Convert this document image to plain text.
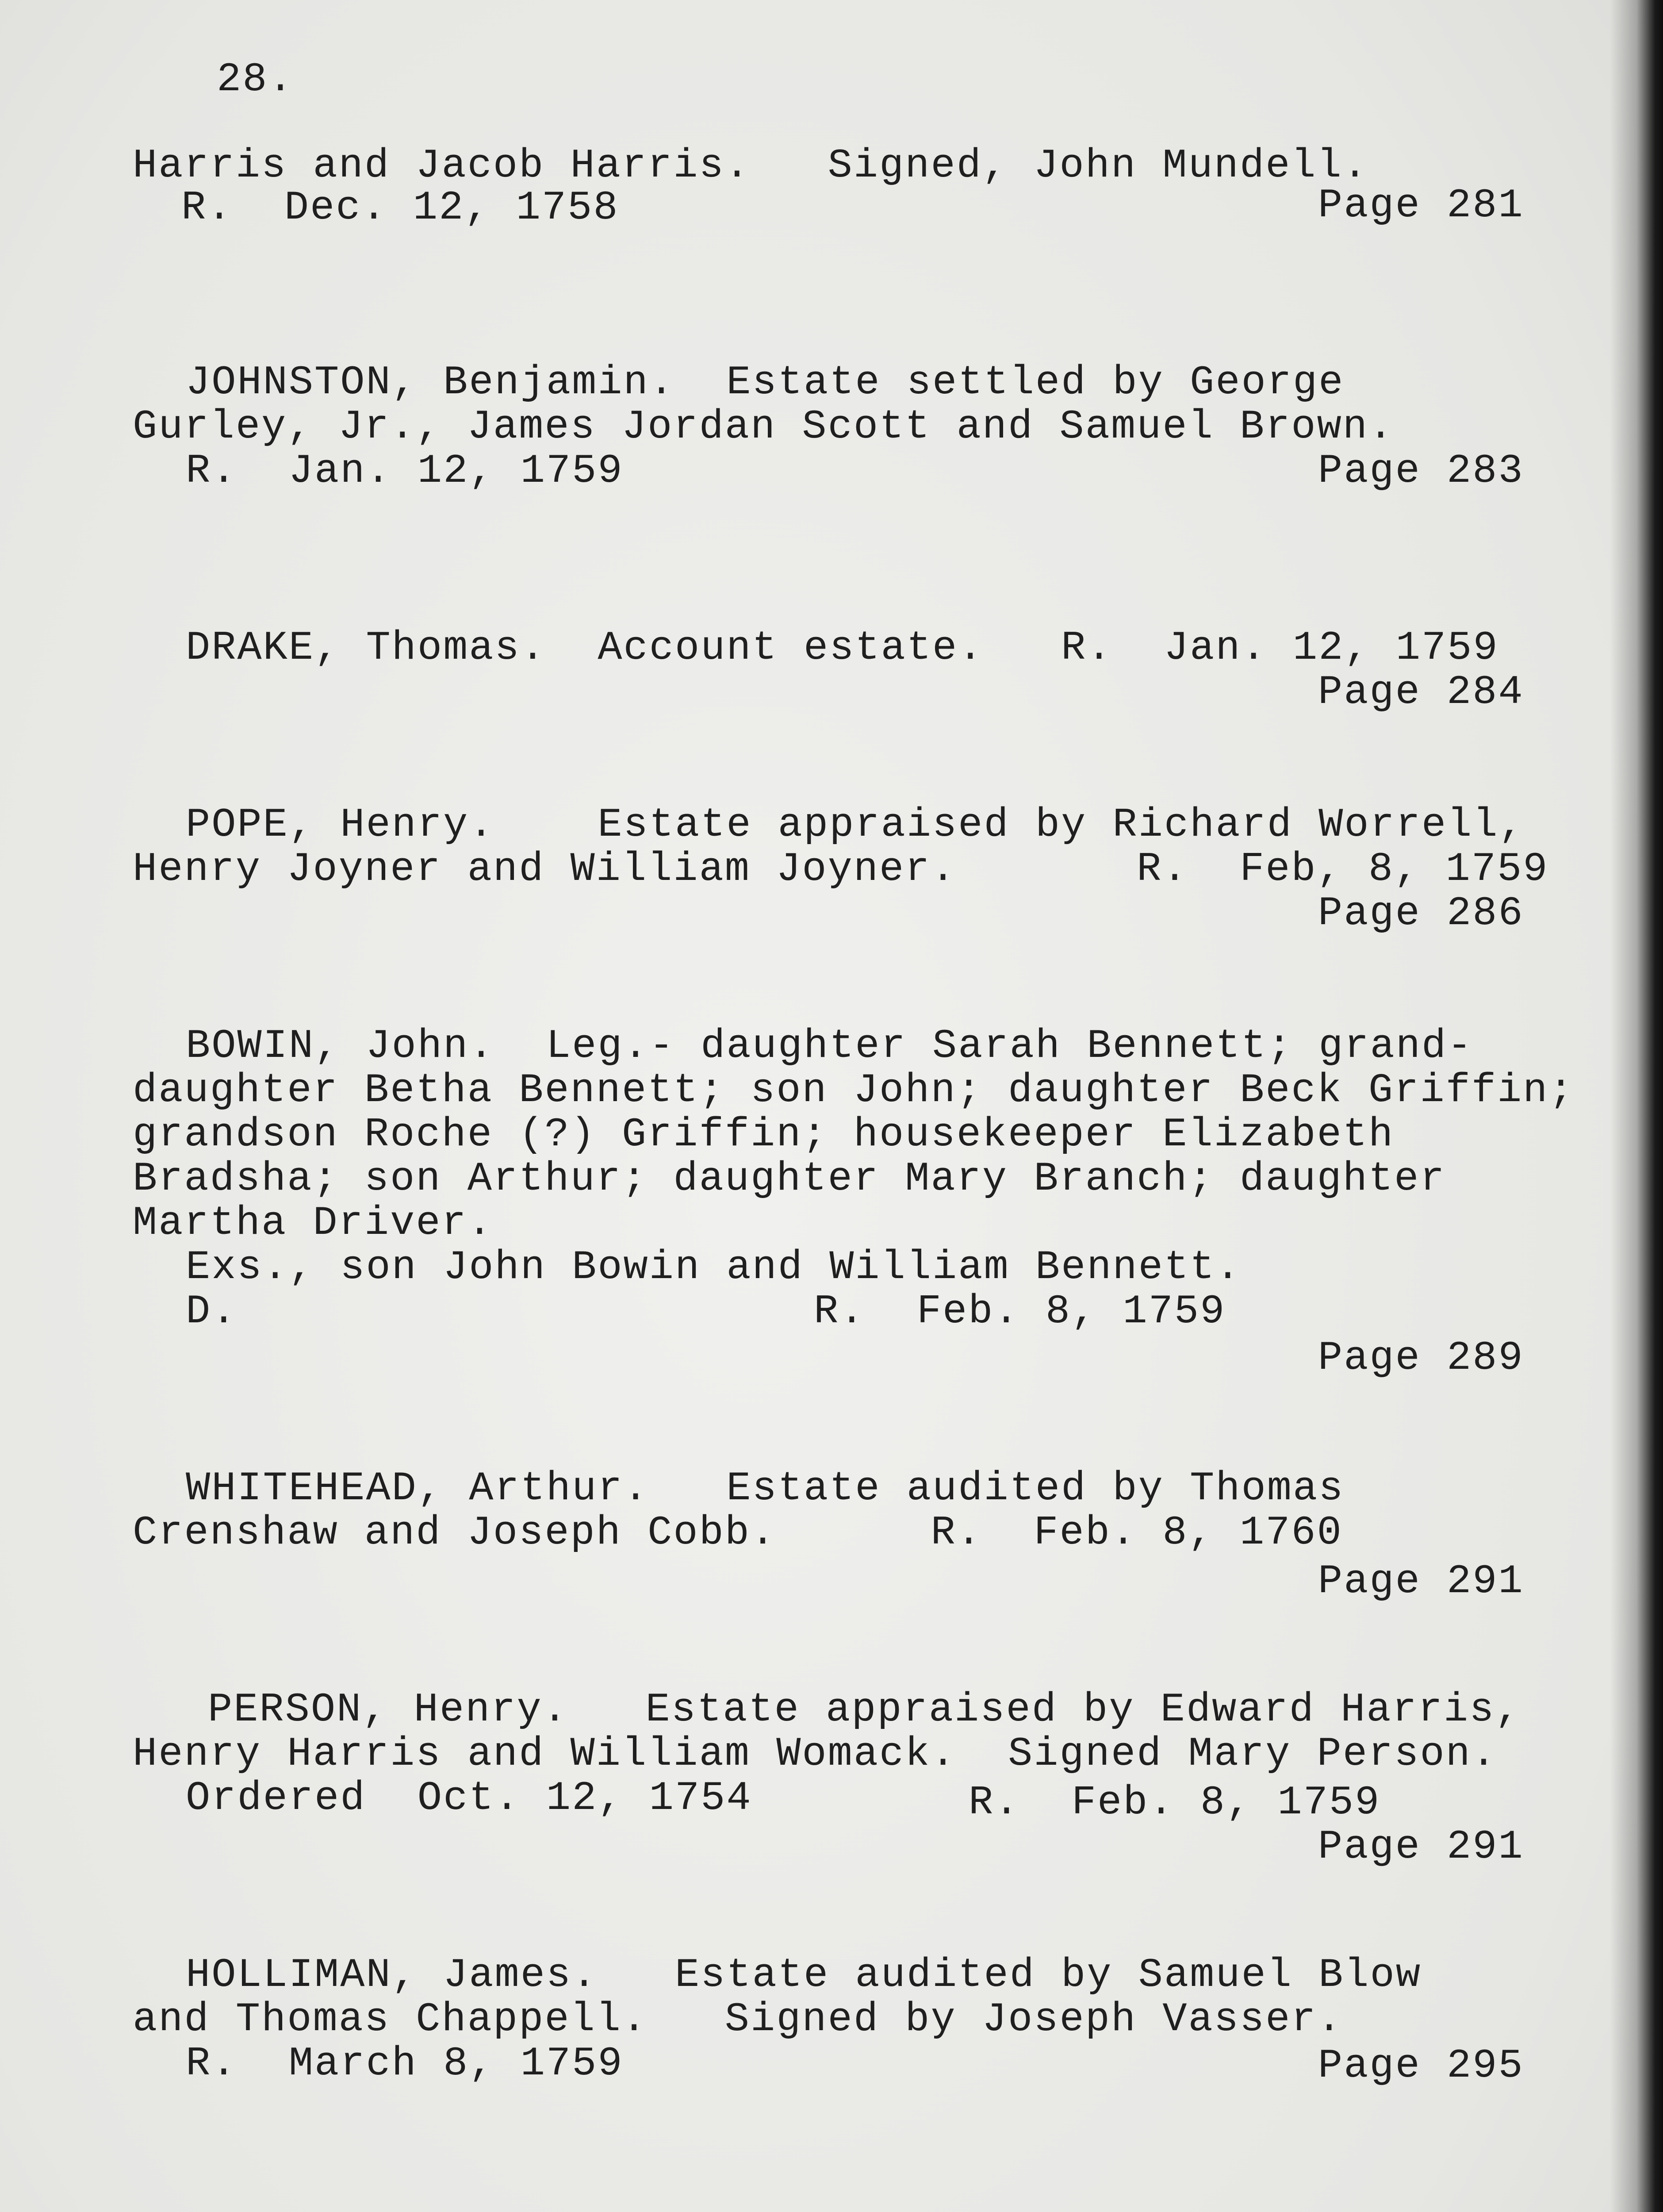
28.
Harris and Jacob Harris.   Signed, John Mundell.
R.  Dec. 12, 1758	Page 281
JOHNSTON, Benjamin.  Estate settled by George
Gurley, Jr., James Jordan Scott and Samuel Brown.
R.  Jan. 12, 1759	Page 283
DRAKE, Thomas.  Account estate.   R.  Jan. 12, 1759
Page 284
POPE, Henry.    Estate appraised by Richard Worrell,
Henry Joyner and William Joyner.       R.  Feb, 8, 1759
Page 286
BOWIN, John.  Leg.- daughter Sarah Bennett; grand-
daughter Betha Bennett; son John; daughter Beck Griffin;
grandson Roche (?) Griffin; housekeeper Elizabeth
Bradsha; son Arthur; daughter Mary Branch; daughter
Martha Driver.
Exs., son John Bowin and William Bennett.
D.	R.  Feb. 8, 1759
Page 289
WHITEHEAD, Arthur.   Estate audited by Thomas
Crenshaw and Joseph Cobb.      R.  Feb. 8, 1760
Page 291
PERSON, Henry.   Estate appraised by Edward Harris,
Henry Harris and William Womack.  Signed Mary Person.
Ordered  Oct. 12, 1754	R.  Feb. 8, 1759
Page 291
HOLLIMAN, James.   Estate audited by Samuel Blow
and Thomas Chappell.   Signed by Joseph Vasser.
R.  March 8, 1759	Page 295
